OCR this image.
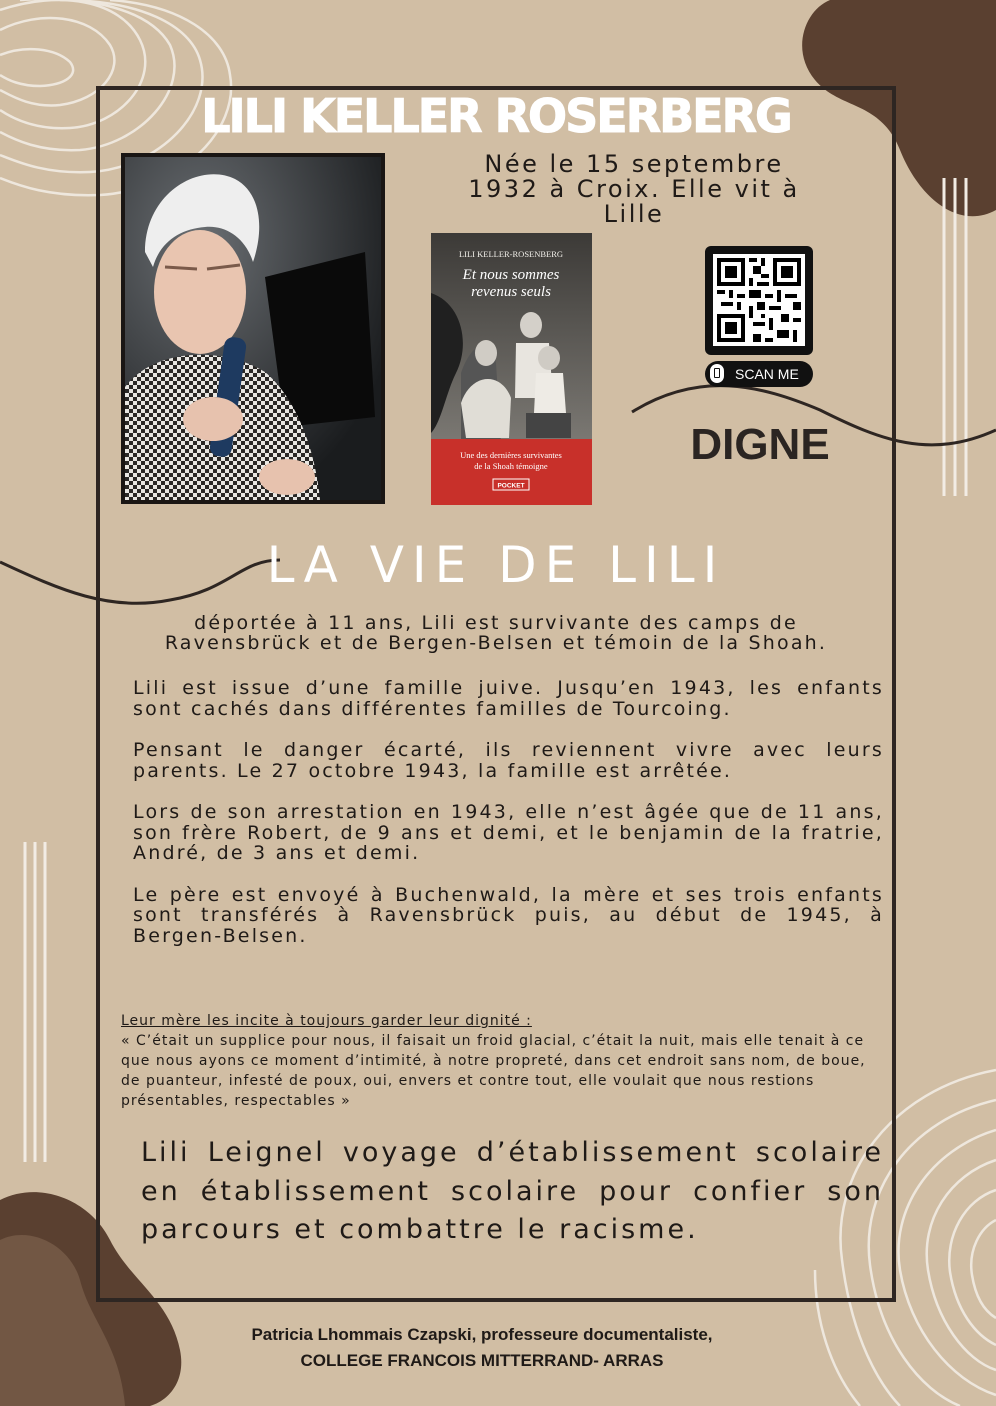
LILI KELLER ROSERBERG
Née le 15 septembre
1932 à Croix. Elle vit à
Lille
LILI KELLER-ROSENBERG
Et nous sommes
revenus seuls
Une des dernières survivantes
de la Shoah témoigne
POCKET
SCAN ME
DIGNE
LA VIE DE LILI
déportée à 11 ans, Lili est survivante des camps de
Ravensbrück et de Bergen-Belsen et témoin de la Shoah.

Lili est issue d’une famille juive. Jusqu’en 1943, les enfants sont cachés dans différentes familles de Tourcoing.

Pensant le danger écarté, ils reviennent vivre avec leurs parents. Le 27 octobre 1943, la famille est arrêtée.

Lors de son arrestation en 1943, elle n’est âgée que de 11 ans, son frère Robert, de 9 ans et demi, et le benjamin de la fratrie, André, de 3 ans et demi.

Le père est envoyé à Buchenwald, la mère et ses trois enfants sont transférés à Ravensbrück puis, au début de 1945, à Bergen-Belsen.

Leur mère les incite à toujours garder leur dignité :
« C’était un supplice pour nous, il faisait un froid glacial, c’était la nuit, mais elle tenait à ce que nous ayons ce moment d’intimité, à notre propreté, dans cet endroit sans nom, de boue, de puanteur, infesté de poux, oui, envers et contre tout, elle voulait que nous restions présentables, respectables »
Lili Leignel voyage d’établissement scolaire en établissement scolaire pour confier son parcours et combattre le racisme.
Patricia Lhommais Czapski, professeure documentaliste,
COLLEGE FRANCOIS MITTERRAND- ARRAS
